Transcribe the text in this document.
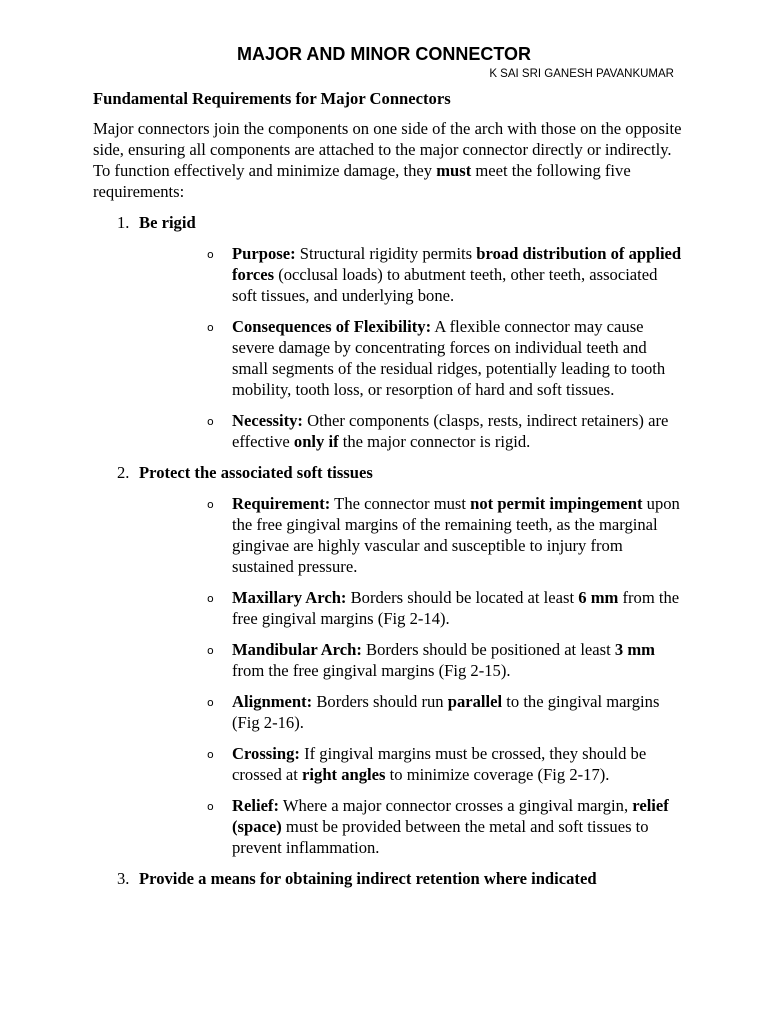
MAJOR AND MINOR CONNECTOR
K SAI SRI GANESH PAVANKUMAR
Fundamental Requirements for Major Connectors

Major connectors join the components on one side of the arch with those on the opposite side, ensuring all components are attached to the major connector directly or indirectly. To function effectively and minimize damage, they must meet the following five requirements:

1. Be rigid
o Purpose: Structural rigidity permits broad distribution of applied forces (occlusal loads) to abutment teeth, other teeth, associated soft tissues, and underlying bone.
o Consequences of Flexibility: A flexible connector may cause severe damage by concentrating forces on individual teeth and small segments of the residual ridges, potentially leading to tooth mobility, tooth loss, or resorption of hard and soft tissues.
o Necessity: Other components (clasps, rests, indirect retainers) are effective only if the major connector is rigid.
2. Protect the associated soft tissues
o Requirement: The connector must not permit impingement upon the free gingival margins of the remaining teeth, as the marginal gingivae are highly vascular and susceptible to injury from sustained pressure.
o Maxillary Arch: Borders should be located at least 6 mm from the free gingival margins (Fig 2-14).
o Mandibular Arch: Borders should be positioned at least 3 mm from the free gingival margins (Fig 2-15).
o Alignment: Borders should run parallel to the gingival margins (Fig 2-16).
o Crossing: If gingival margins must be crossed, they should be crossed at right angles to minimize coverage (Fig 2-17).
o Relief: Where a major connector crosses a gingival margin, relief (space) must be provided between the metal and soft tissues to prevent inflammation.
3. Provide a means for obtaining indirect retention where indicated
